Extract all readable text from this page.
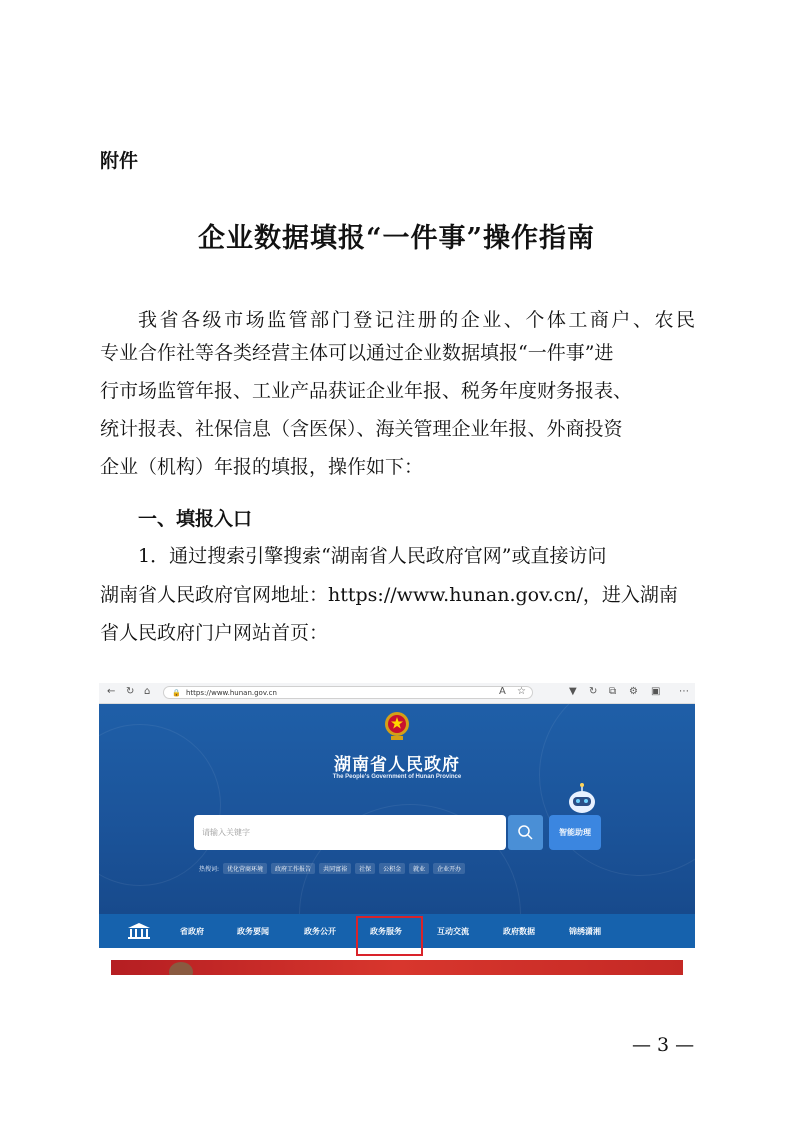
附件
企业数据填报“一件事”操作指南
我省各级市场监管部门登记注册的企业、个体工商户、农民
专业合作社等各类经营主体可以通过企业数据填报“一件事”进
行市场监管年报、工业产品获证企业年报、税务年度财务报表、
统计报表、社保信息（含医保）、海关管理企业年报、外商投资
企业（机构）年报的填报，操作如下：
一、填报入口
1．通过搜索引擎搜索“湖南省人民政府官网”或直接访问
湖南省人民政府官网地址：https://www.hunan.gov.cn/，进入湖南
省人民政府门户网站首页：
← ↻ ⌂	🔒 https://www.hunan.gov.cn	A ☆	▼ ↻ ⧉ ⚙ ▣ ⋯
湖南省人民政府
The People's Government of Hunan Province
请输入关键字	智能助理
热搜词:	优化营商环境	政府工作报告	共同富裕	社保	公积金	就业	企业开办
省政府	政务要闻	政务公开	政务服务	互动交流	政府数据	锦绣潇湘
— 3 —
